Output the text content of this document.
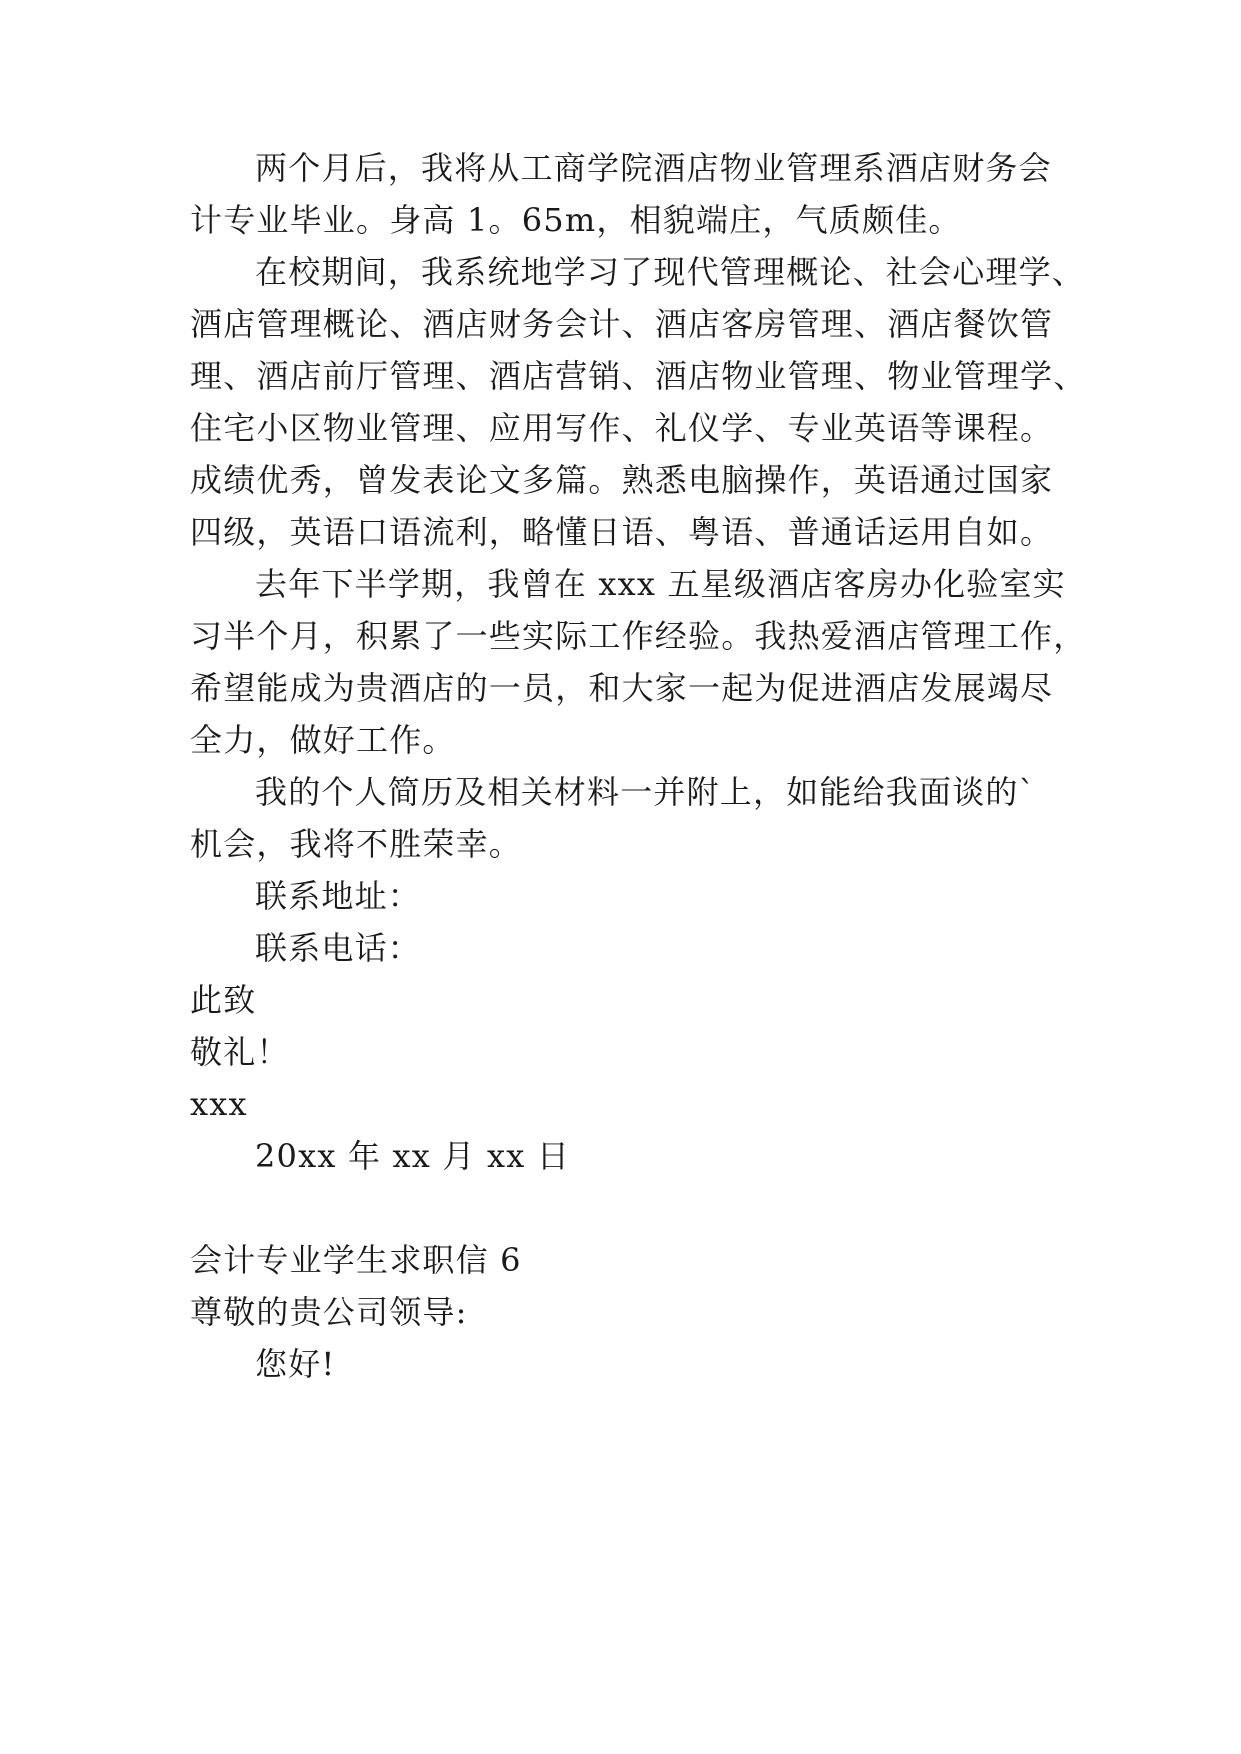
两个月后，我将从工商学院酒店物业管理系酒店财务会
计专业毕业。身高 1。65m，相貌端庄，气质颇佳。
在校期间，我系统地学习了现代管理概论、社会心理学、
酒店管理概论、酒店财务会计、酒店客房管理、酒店餐饮管
理、酒店前厅管理、酒店营销、酒店物业管理、物业管理学、
住宅小区物业管理、应用写作、礼仪学、专业英语等课程。
成绩优秀，曾发表论文多篇。熟悉电脑操作，英语通过国家
四级，英语口语流利，略懂日语、粤语、普通话运用自如。
去年下半学期，我曾在 xxx 五星级酒店客房办化验室实
习半个月，积累了一些实际工作经验。我热爱酒店管理工作，
希望能成为贵酒店的一员，和大家一起为促进酒店发展竭尽
全力，做好工作。
我的个人简历及相关材料一并附上，如能给我面谈的`
机会，我将不胜荣幸。
联系地址：
联系电话：
此致
敬礼！
xxx
20xx 年 xx 月 xx 日
会计专业学生求职信 6
尊敬的贵公司领导:
您好!
